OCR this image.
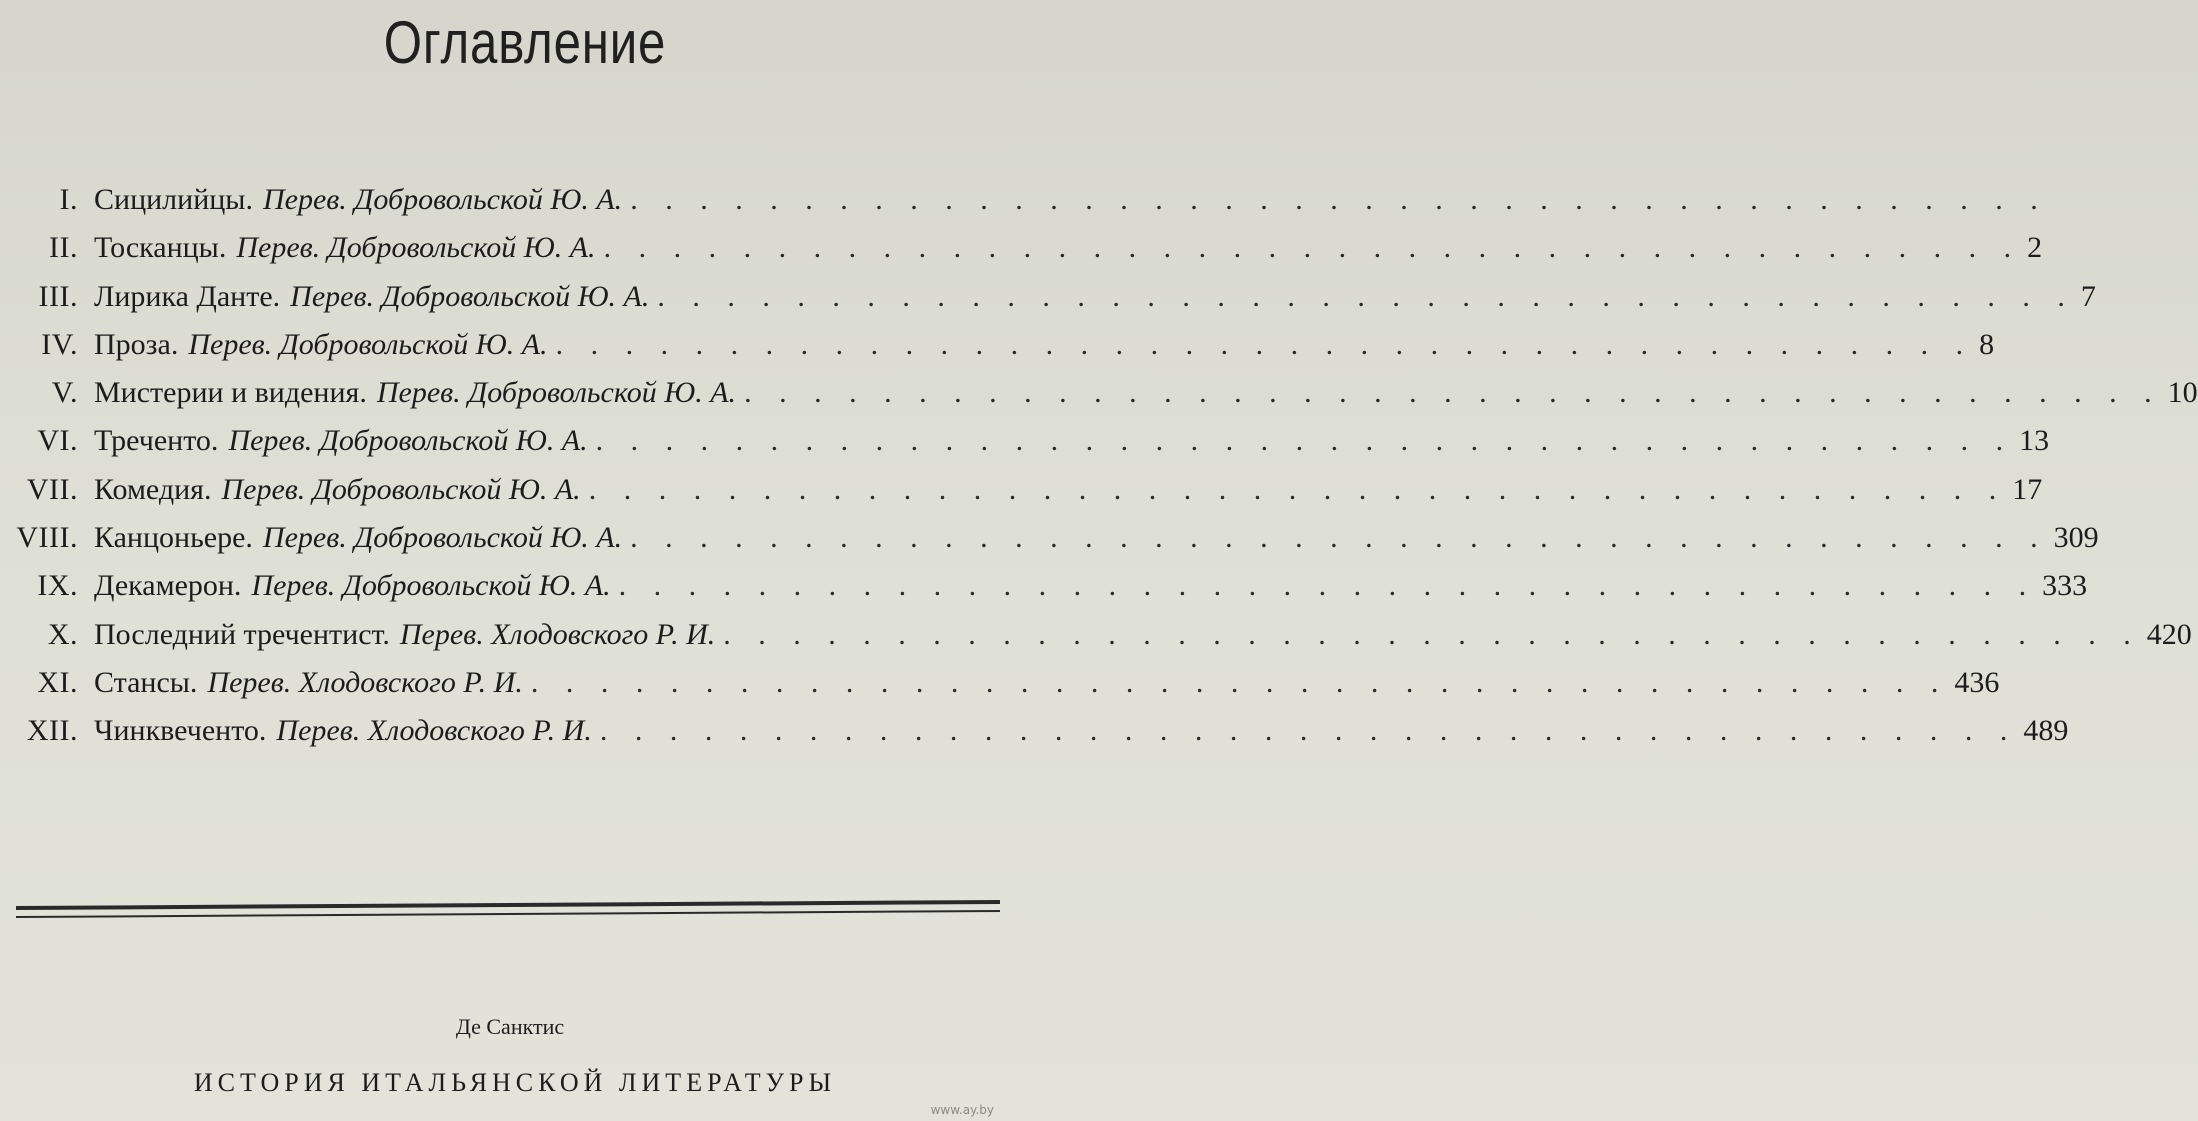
Оглавление
I. Сицилийцы. Перев. Добровольской Ю. А. . . . . . . . . . . . . . . . . . . . . . . . . . . . . . . . . . . . . . . . . .
II. Тосканцы. Перев. Добровольской Ю. А. . . . . . . . . . . . . . . . . . . . . . . . . . . . . . . . . . . . . . . . . . 2
III. Лирика Данте. Перев. Добровольской Ю. А. . . . . . . . . . . . . . . . . . . . . . . . . . . . . . . . . . . . . . . . . . 7
IV. Проза. Перев. Добровольской Ю. А. . . . . . . . . . . . . . . . . . . . . . . . . . . . . . . . . . . . . . . . . . 8
V. Мистерии и видения. Перев. Добровольской Ю. А. . . . . . . . . . . . . . . . . . . . . . . . . . . . . . . . . . . . . . . . . . 10
VI. Треченто. Перев. Добровольской Ю. А. . . . . . . . . . . . . . . . . . . . . . . . . . . . . . . . . . . . . . . . . . 13
VII. Комедия. Перев. Добровольской Ю. А. . . . . . . . . . . . . . . . . . . . . . . . . . . . . . . . . . . . . . . . . . 17
VIII. Канцоньере. Перев. Добровольской Ю. А. . . . . . . . . . . . . . . . . . . . . . . . . . . . . . . . . . . . . . . . . . 309
IX. Декамерон. Перев. Добровольской Ю. А. . . . . . . . . . . . . . . . . . . . . . . . . . . . . . . . . . . . . . . . . . 333
X. Последний тречентист. Перев. Хлодовского Р. И. . . . . . . . . . . . . . . . . . . . . . . . . . . . . . . . . . . . . . . . . . 420
XI. Стансы. Перев. Хлодовского Р. И. . . . . . . . . . . . . . . . . . . . . . . . . . . . . . . . . . . . . . . . . . 436
XII. Чинквеченто. Перев. Хлодовского Р. И. . . . . . . . . . . . . . . . . . . . . . . . . . . . . . . . . . . . . . . . . . 489
Де Санктис
ИСТОРИЯ ИТАЛЬЯНСКОЙ ЛИТЕРАТУРЫ
www.ay.by
